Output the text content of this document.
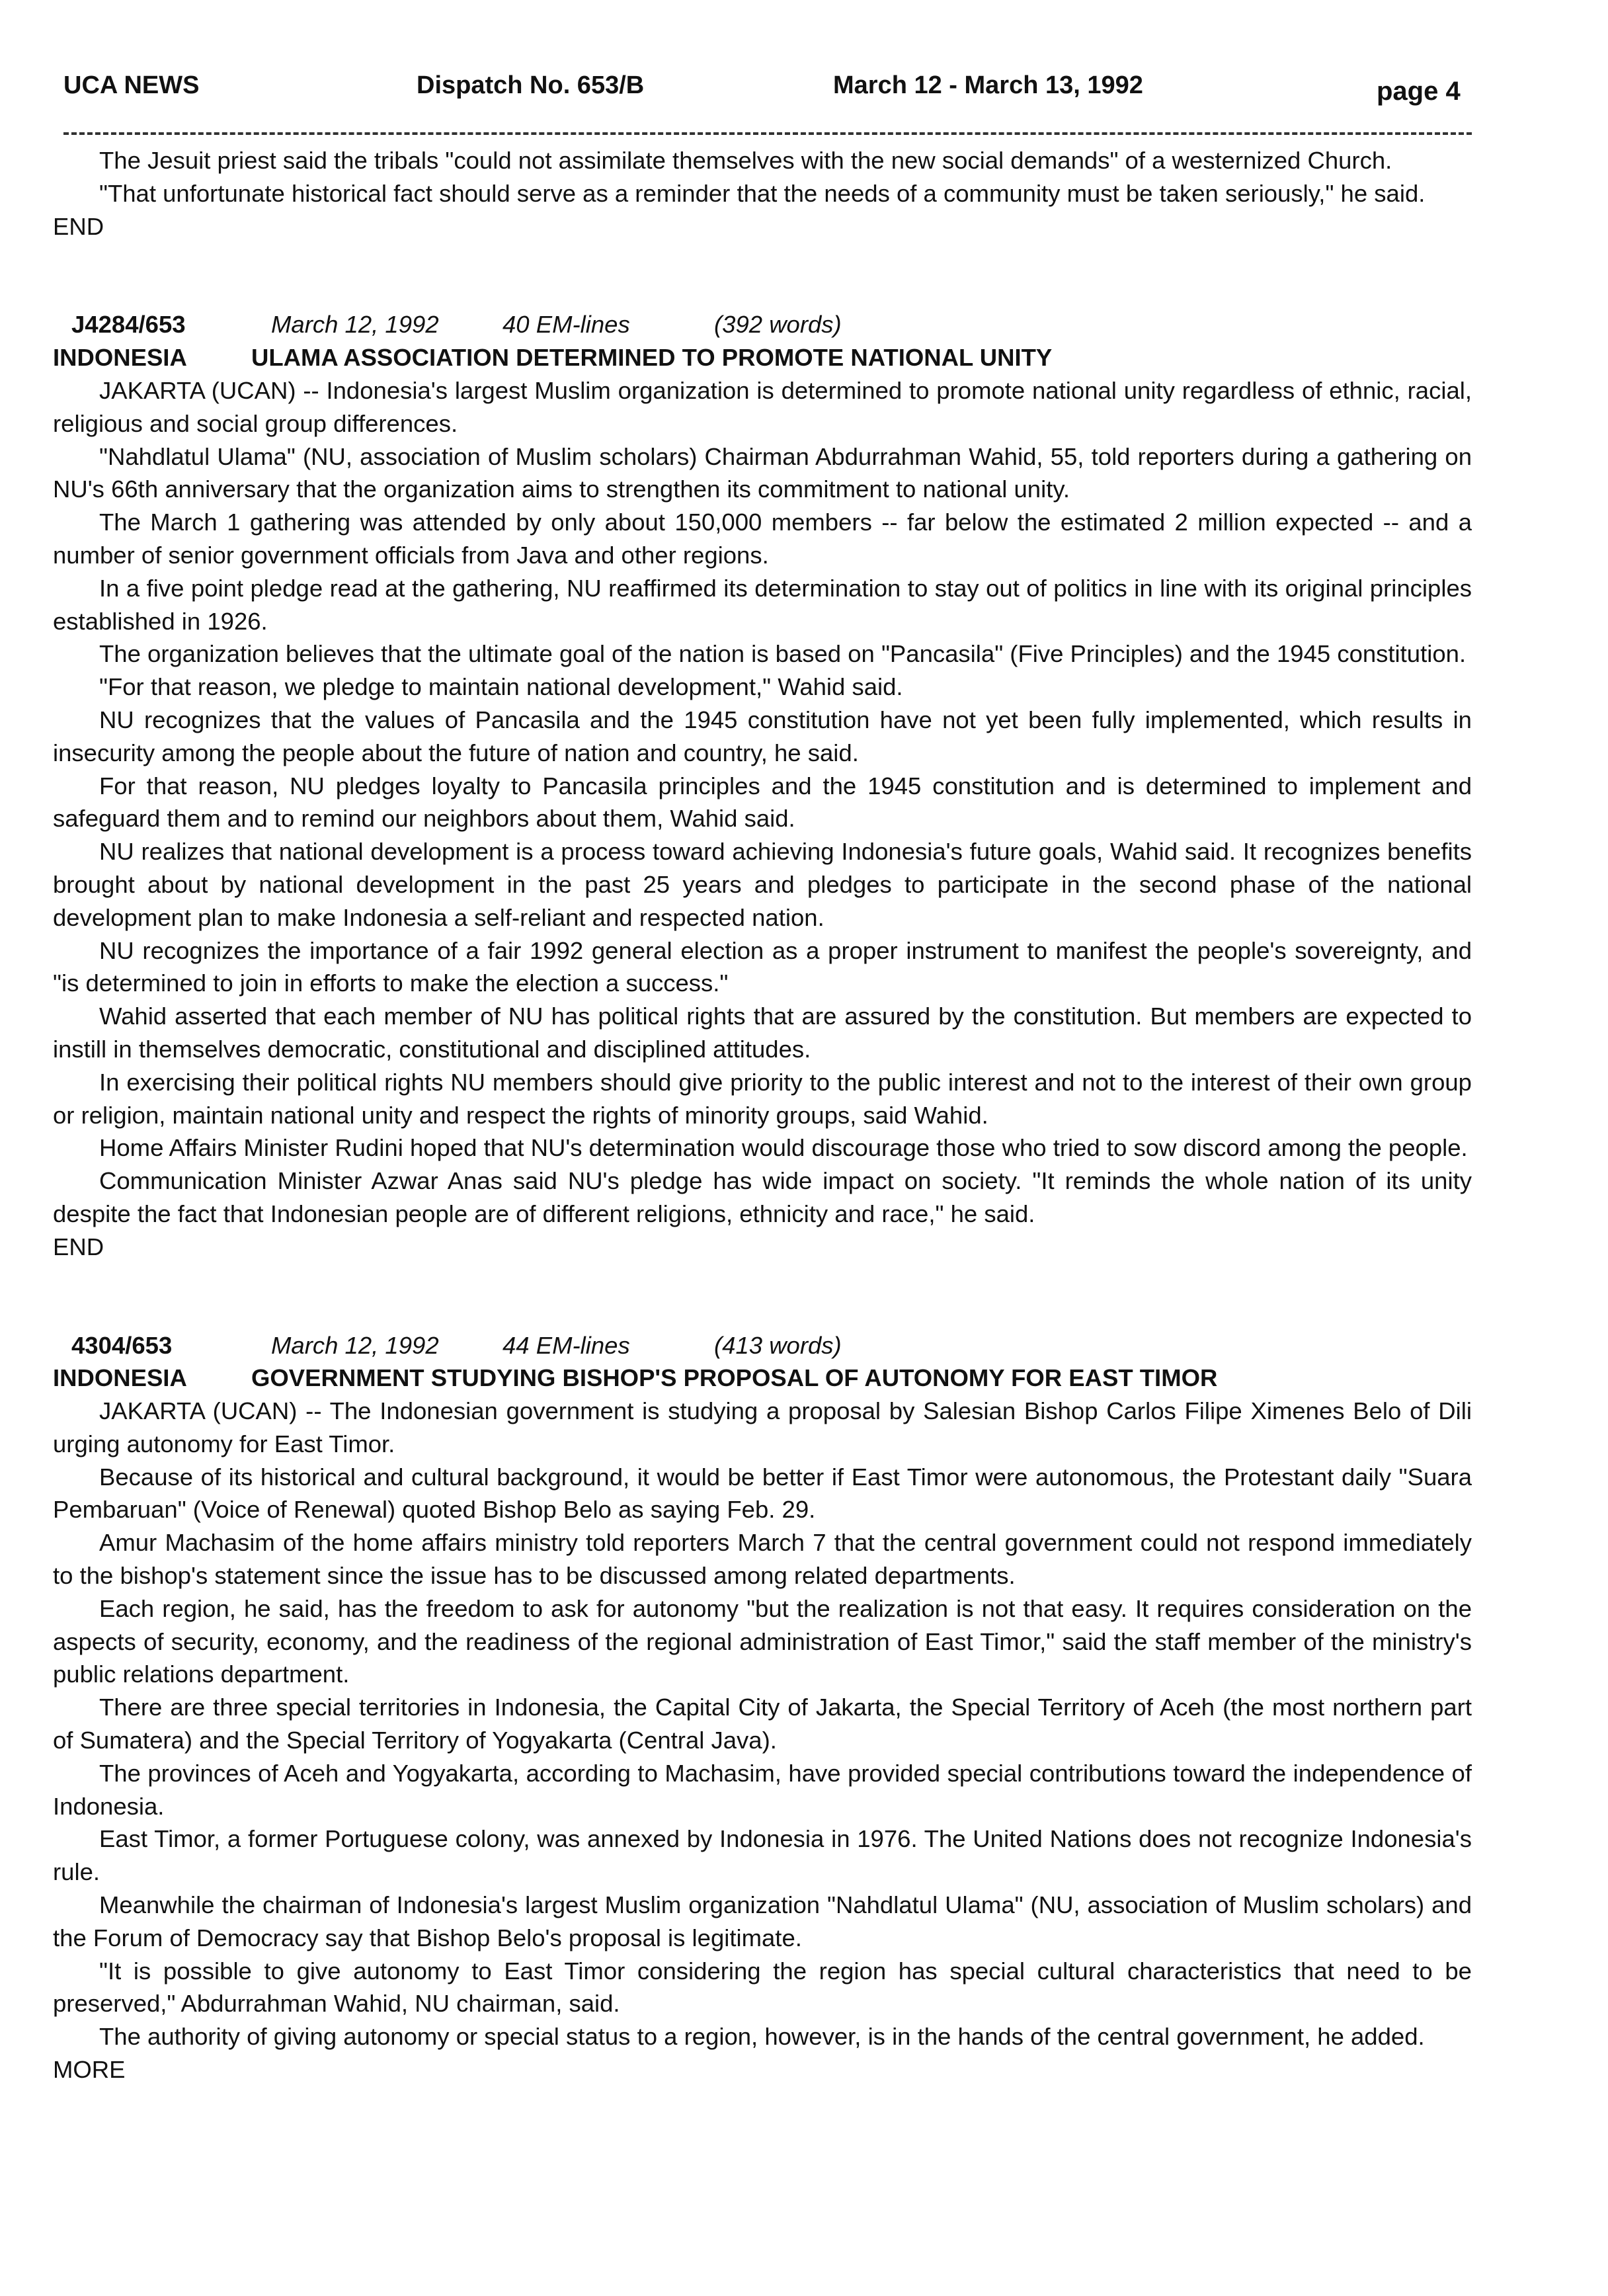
UCA NEWS	Dispatch No. 653/B	March 12 - March 13, 1992	page 4

The Jesuit priest said the tribals "could not assimilate themselves with the new social demands" of a westernized Church.

"That unfortunate historical fact should serve as a reminder that the needs of a community must be taken seriously," he said.

END
J4284/653	March 12, 1992	40 EM-lines	(392 words)
INDONESIA	ULAMA ASSOCIATION DETERMINED TO PROMOTE NATIONAL UNITY

JAKARTA (UCAN) -- Indonesia's largest Muslim organization is determined to promote national unity regardless of ethnic, racial, religious and social group differences.

"Nahdlatul Ulama" (NU, association of Muslim scholars) Chairman Abdurrahman Wahid, 55, told reporters during a gathering on NU's 66th anniversary that the organization aims to strengthen its commitment to national unity.

The March 1 gathering was attended by only about 150,000 members -- far below the estimated 2 million expected -- and a number of senior government officials from Java and other regions.

In a five point pledge read at the gathering, NU reaffirmed its determination to stay out of politics in line with its original principles established in 1926.

The organization believes that the ultimate goal of the nation is based on "Pancasila" (Five Principles) and the 1945 constitution.

"For that reason, we pledge to maintain national development," Wahid said.

NU recognizes that the values of Pancasila and the 1945 constitution have not yet been fully implemented, which results in insecurity among the people about the future of nation and country, he said.

For that reason, NU pledges loyalty to Pancasila principles and the 1945 constitution and is determined to implement and safeguard them and to remind our neighbors about them, Wahid said.

NU realizes that national development is a process toward achieving Indonesia's future goals, Wahid said. It recognizes benefits brought about by national development in the past 25 years and pledges to participate in the second phase of the national development plan to make Indonesia a self-reliant and respected nation.

NU recognizes the importance of a fair 1992 general election as a proper instrument to manifest the people's sovereignty, and "is determined to join in efforts to make the election a success."

Wahid asserted that each member of NU has political rights that are assured by the constitution. But members are expected to instill in themselves democratic, constitutional and disciplined attitudes.

In exercising their political rights NU members should give priority to the public interest and not to the interest of their own group or religion, maintain national unity and respect the rights of minority groups, said Wahid.

Home Affairs Minister Rudini hoped that NU's determination would discourage those who tried to sow discord among the people.

Communication Minister Azwar Anas said NU's pledge has wide impact on society. "It reminds the whole nation of its unity despite the fact that Indonesian people are of different religions, ethnicity and race," he said.

END
4304/653	March 12, 1992	44 EM-lines	(413 words)
INDONESIA	GOVERNMENT STUDYING BISHOP'S PROPOSAL OF AUTONOMY FOR EAST TIMOR

JAKARTA (UCAN) -- The Indonesian government is studying a proposal by Salesian Bishop Carlos Filipe Ximenes Belo of Dili urging autonomy for East Timor.

Because of its historical and cultural background, it would be better if East Timor were autonomous, the Protestant daily "Suara Pembaruan" (Voice of Renewal) quoted Bishop Belo as saying Feb. 29.

Amur Machasim of the home affairs ministry told reporters March 7 that the central government could not respond immediately to the bishop's statement since the issue has to be discussed among related departments.

Each region, he said, has the freedom to ask for autonomy "but the realization is not that easy. It requires consideration on the aspects of security, economy, and the readiness of the regional administration of East Timor," said the staff member of the ministry's public relations department.

There are three special territories in Indonesia, the Capital City of Jakarta, the Special Territory of Aceh (the most northern part of Sumatera) and the Special Territory of Yogyakarta (Central Java).

The provinces of Aceh and Yogyakarta, according to Machasim, have provided special contributions toward the independence of Indonesia.

East Timor, a former Portuguese colony, was annexed by Indonesia in 1976. The United Nations does not recognize Indonesia's rule.

Meanwhile the chairman of Indonesia's largest Muslim organization "Nahdlatul Ulama" (NU, association of Muslim scholars) and the Forum of Democracy say that Bishop Belo's proposal is legitimate.

"It is possible to give autonomy to East Timor considering the region has special cultural characteristics that need to be preserved," Abdurrahman Wahid, NU chairman, said.

The authority of giving autonomy or special status to a region, however, is in the hands of the central government, he added.

MORE
